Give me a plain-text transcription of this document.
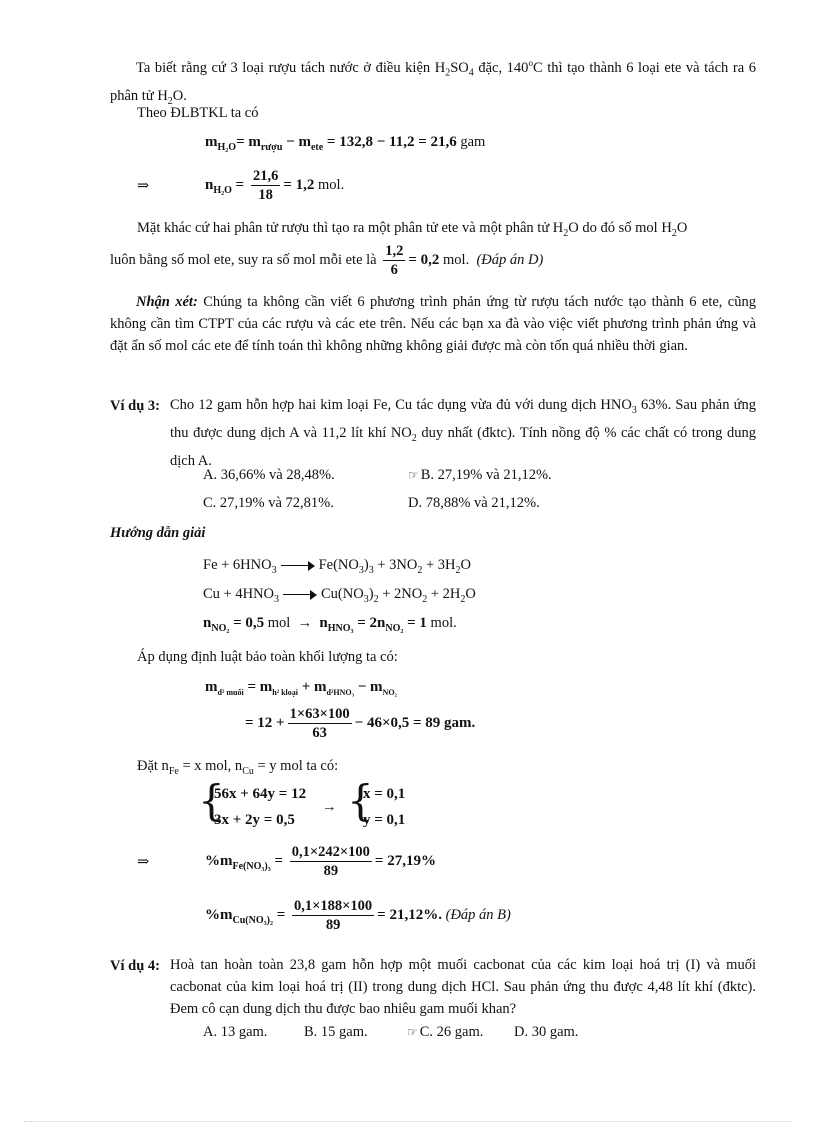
Ta biết rằng cứ 3 loại rượu tách nước ở điều kiện $H_2SO_4$ đặc, 140$^o$C thì tạo thành 6 loại ete và tách ra 6 phân tử $H_2O$.
Theo ĐLBTKL ta có
$m_{H_2O}= m_{rượu} - m_{ete} = 132,8 - 11,2 = 21,6$ gam
⇒	$n_{H_2O} = \frac{21,6}{18} = 1,2$ mol.
Mặt khác cứ hai phân tử rượu thì tạo ra một phân tử ete và một phân tử $H_2O$ do đó số mol $H_2O$
luôn bằng số mol ete, suy ra số mol mỗi ete là $\frac{1,2}{6} = 0,2$ mol. (Đáp án D)
Nhận xét: Chúng ta không cần viết 6 phương trình phản ứng từ rượu tách nước tạo thành 6 ete, cũng không cần tìm CTPT của các rượu và các ete trên. Nếu các bạn xa đà vào việc viết phương trình phản ứng và đặt ẩn số mol các ete để tính toán thì không những không giải được mà còn tốn quá nhiều thời gian.
Ví dụ 3: Cho 12 gam hỗn hợp hai kim loại Fe, Cu tác dụng vừa đủ với dung dịch $HNO_3$ 63%. Sau phản ứng thu được dung dịch A và 11,2 lít khí $NO_2$ duy nhất (đktc). Tính nồng độ % các chất có trong dung dịch A.
A. 36,66% và 28,48%.	☞ B. 27,19% và 21,12%.
C. 27,19% và 72,81%.	D. 78,88% và 21,12%.
Hướng dẫn giải
$Fe + 6HNO_3$	$Fe(NO_3)_3 + 3NO_2 + 3H_2O$
$Cu + 4HNO_3$	$Cu(NO_3)_2 + 2NO_2 + 2H_2O$
$n_{NO_2} = 0,5$ mol → $n_{HNO_3} = 2n_{NO_2} = 1$ mol.
Áp dụng định luật bảo toàn khối lượng ta có:
$m_{d^2 muối} = m_{h^2 kloại} + m_{d^2HNO_3} - m_{NO_2}$
= $12 + \frac{1\times 63\times 100}{63} - 46\times 0,5 = 89$ gam.
Đặt $n_{Fe} = x$ mol, $n_{Cu} = y$ mol ta có:
{
56x + 64y = 12
3x + 2y = 0,5
→ {
x = 0,1
y = 0,1
⇒	$\%m_{Fe(NO_3)_3} = \frac{0,1\times 242\times 100}{89} = 27,19\%$
$\%m_{Cu(NO_3)_2} = \frac{0,1\times 188\times 100}{89} = 21,12\%$. (Đáp án B)
Ví dụ 4: Hoà tan hoàn toàn 23,8 gam hỗn hợp một muối cacbonat của các kim loại hoá trị (I) và muối cacbonat của kim loại hoá trị (II) trong dung dịch HCl. Sau phản ứng thu được 4,48 lít khí (đktc). Đem cô cạn dung dịch thu được bao nhiêu gam muối khan?
A. 13 gam.	B. 15 gam.	☞ C. 26 gam. D. 30 gam.
